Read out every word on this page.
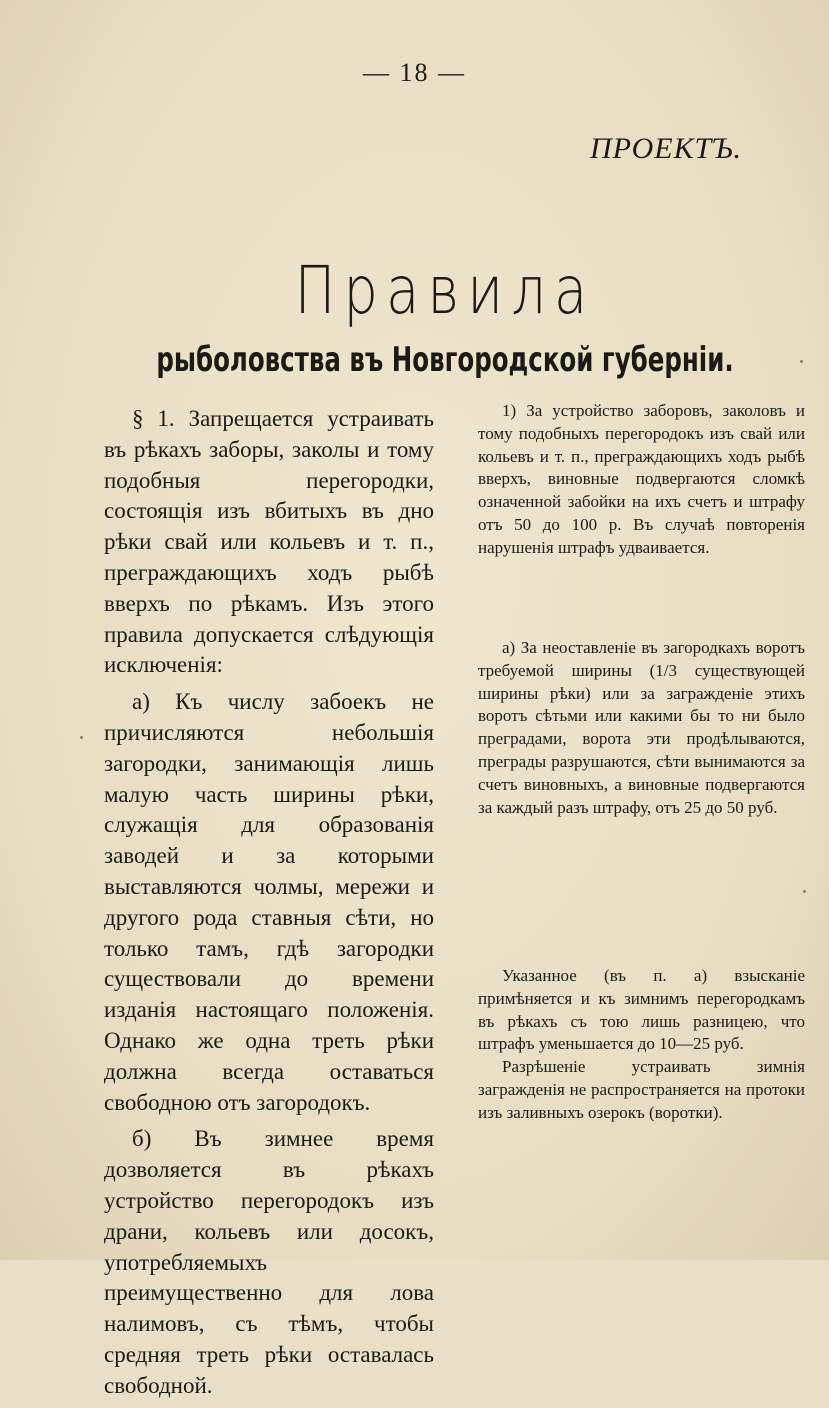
— 18 —
ПРОЕКТЪ.
Правила
рыболовства въ Новгородской губерніи.

§ 1. Запрещается устраивать въ рѣкахъ заборы, заколы и тому подобныя перегородки, состоящія изъ вбитыхъ въ дно рѣки свай или кольевъ и т. п., преграждающихъ ходъ рыбѣ вверхъ по рѣкамъ. Изъ этого правила допускается слѣдующія исключенія:

а) Къ числу забоекъ не причисляются небольшія загородки, занимающія лишь малую часть ширины рѣки, служащія для образованія заводей и за которыми выставляются чолмы, мережи и другого рода ставныя сѣти, но только тамъ, гдѣ загородки существовали до времени изданія настоящаго положенія. Однако же одна треть рѣки должна всегда оставаться свободною отъ загородокъ.

б) Въ зимнее время дозволяется въ рѣкахъ устройство перегородокъ изъ драни, кольевъ или досокъ, употребляемыхъ преимущественно для лова налимовъ, съ тѣмъ, чтобы средняя треть рѣки оставалась свободной.

1) За устройство заборовъ, заколовъ и тому подобныхъ перегородокъ изъ свай или кольевъ и т. п., преграждающихъ ходъ рыбѣ вверхъ, виновные подвергаются сломкѣ означенной забойки на ихъ счетъ и штрафу отъ 50 до 100 р. Въ случаѣ повторенія нарушенія штрафъ удваивается.

а) За неоставленіе въ загородкахъ воротъ требуемой ширины (1/3 существующей ширины рѣки) или за загражденіе этихъ воротъ сѣтьми или какими бы то ни было преградами, ворота эти продѣлываются, преграды разрушаются, сѣти вынимаются за счетъ виновныхъ, а виновные подвергаются за каждый разъ штрафу, отъ 25 до 50 руб.

Указанное (въ п. а) взысканіе примѣняется и къ зимнимъ перегородкамъ въ рѣкахъ съ тою лишь разницею, что штрафъ уменьшается до 10—25 руб.

Разрѣшеніе устраивать зимнія загражденія не распространяется на протоки изъ заливныхъ озерокъ (воротки).
